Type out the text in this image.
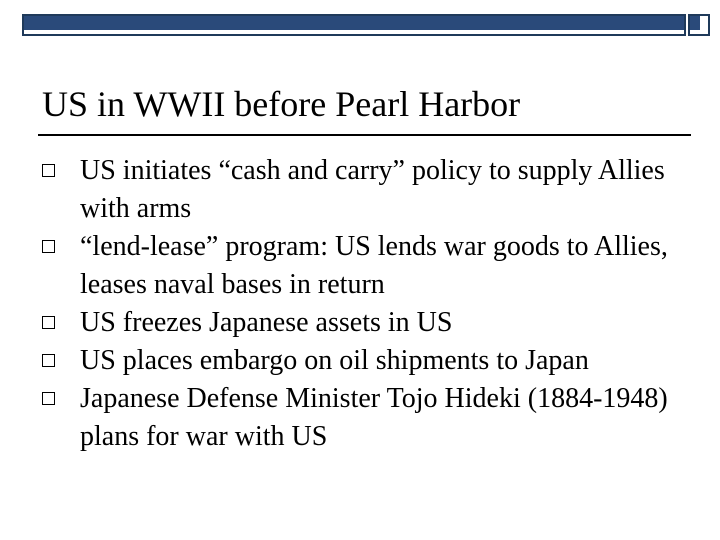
US in WWII before Pearl Harbor
US initiates “cash and carry” policy to supply Allies with arms
“lend-lease” program: US lends war goods to Allies, leases naval bases in return
US freezes Japanese assets in US
US places embargo on oil shipments to Japan
Japanese Defense Minister Tojo Hideki (1884-1948) plans for war with US
